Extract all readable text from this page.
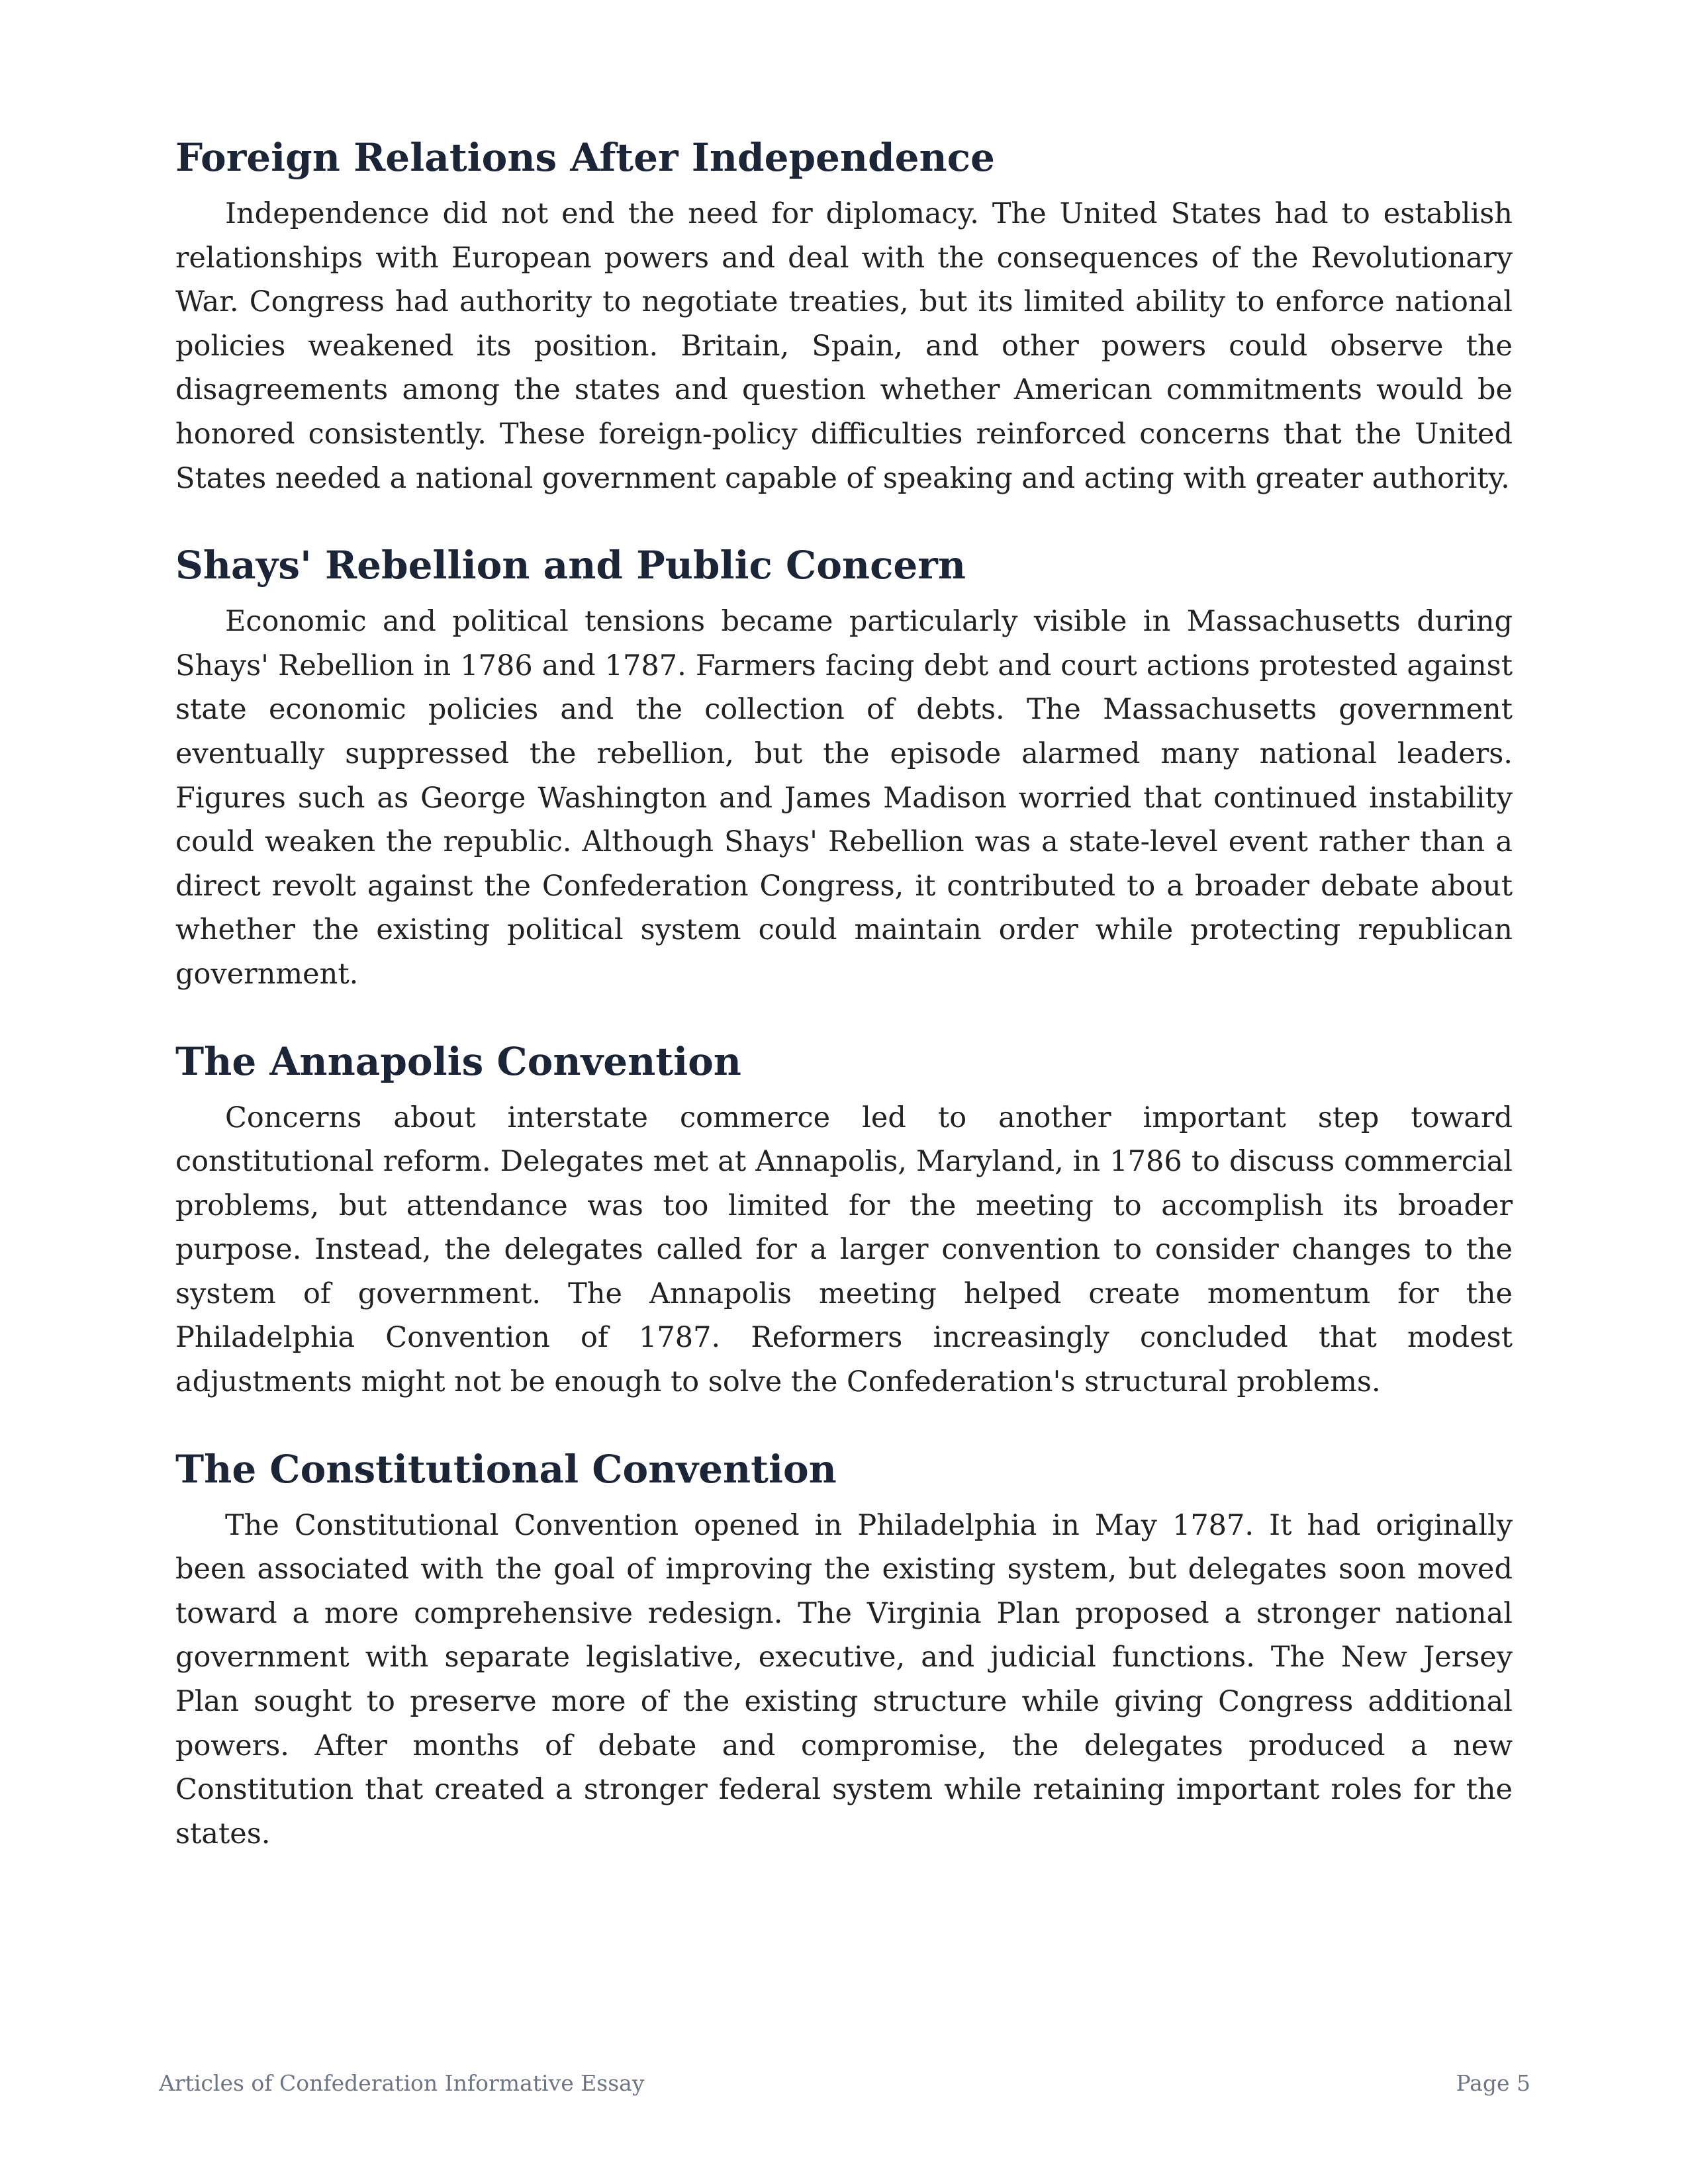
Foreign Relations After Independence

Independence did not end the need for diplomacy. The United States had to establish relationships with European powers and deal with the consequences of the Revolutionary War. Congress had authority to negotiate treaties, but its limited ability to enforce national policies weakened its position. Britain, Spain, and other powers could observe the disagreements among the states and question whether American commitments would be honored consistently. These foreign-policy difficulties reinforced concerns that the United States needed a national government capable of speaking and acting with greater authority.

Shays' Rebellion and Public Concern

Economic and political tensions became particularly visible in Massachusetts during Shays' Rebellion in 1786 and 1787. Farmers facing debt and court actions protested against state economic policies and the collection of debts. The Massachusetts government eventually suppressed the rebellion, but the episode alarmed many national leaders. Figures such as George Washington and James Madison worried that continued instability could weaken the republic. Although Shays' Rebellion was a state-level event rather than a direct revolt against the Confederation Congress, it contributed to a broader debate about whether the existing political system could maintain order while protecting republican government.

The Annapolis Convention

Concerns about interstate commerce led to another important step toward constitutional reform. Delegates met at Annapolis, Maryland, in 1786 to discuss commercial problems, but attendance was too limited for the meeting to accomplish its broader purpose. Instead, the delegates called for a larger convention to consider changes to the system of government. The Annapolis meeting helped create momentum for the Philadelphia Convention of 1787. Reformers increasingly concluded that modest adjustments might not be enough to solve the Confederation's structural problems.

The Constitutional Convention

The Constitutional Convention opened in Philadelphia in May 1787. It had originally been associated with the goal of improving the existing system, but delegates soon moved toward a more comprehensive redesign. The Virginia Plan proposed a stronger national government with separate legislative, executive, and judicial functions. The New Jersey Plan sought to preserve more of the existing structure while giving Congress additional powers. After months of debate and compromise, the delegates produced a new Constitution that created a stronger federal system while retaining important roles for the states.

Articles of Confederation Informative Essay	Page 5
